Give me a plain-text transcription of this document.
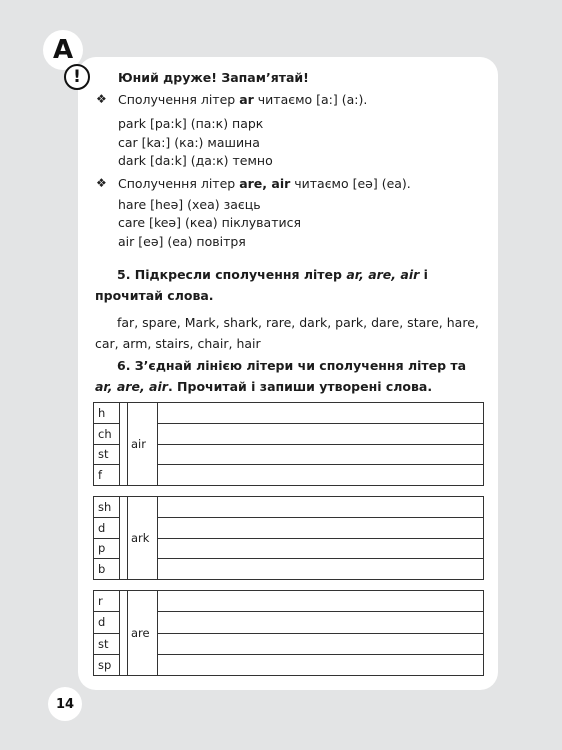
A
!	Юний друже! Запам’ятай!
❖ Сполучення літер ar читаємо [a:] (а:).
park [pa:k] (па:к) парк
car [ka:] (ка:) машина
dark [da:k] (да:к) темно
❖ Сполучення літер are, air читаємо [eə] (еа).
hare [heə] (хеа) заєць
care [keə] (кеа) піклуватися
air [eə] (еа) повітря
5. Підкресли сполучення літер ar, are, air і прочитай слова.
far, spare, Mark, shark, rare, dark, park, dare, stare, hare, car, arm, stairs, chair, hair
6. З’єднай лінією літери чи сполучення літер та ar, are, air. Прочитай і запиши утворені слова.
h
ch
st
f
air
sh
d
p
b
ark
r
d
st
sp
are
14
